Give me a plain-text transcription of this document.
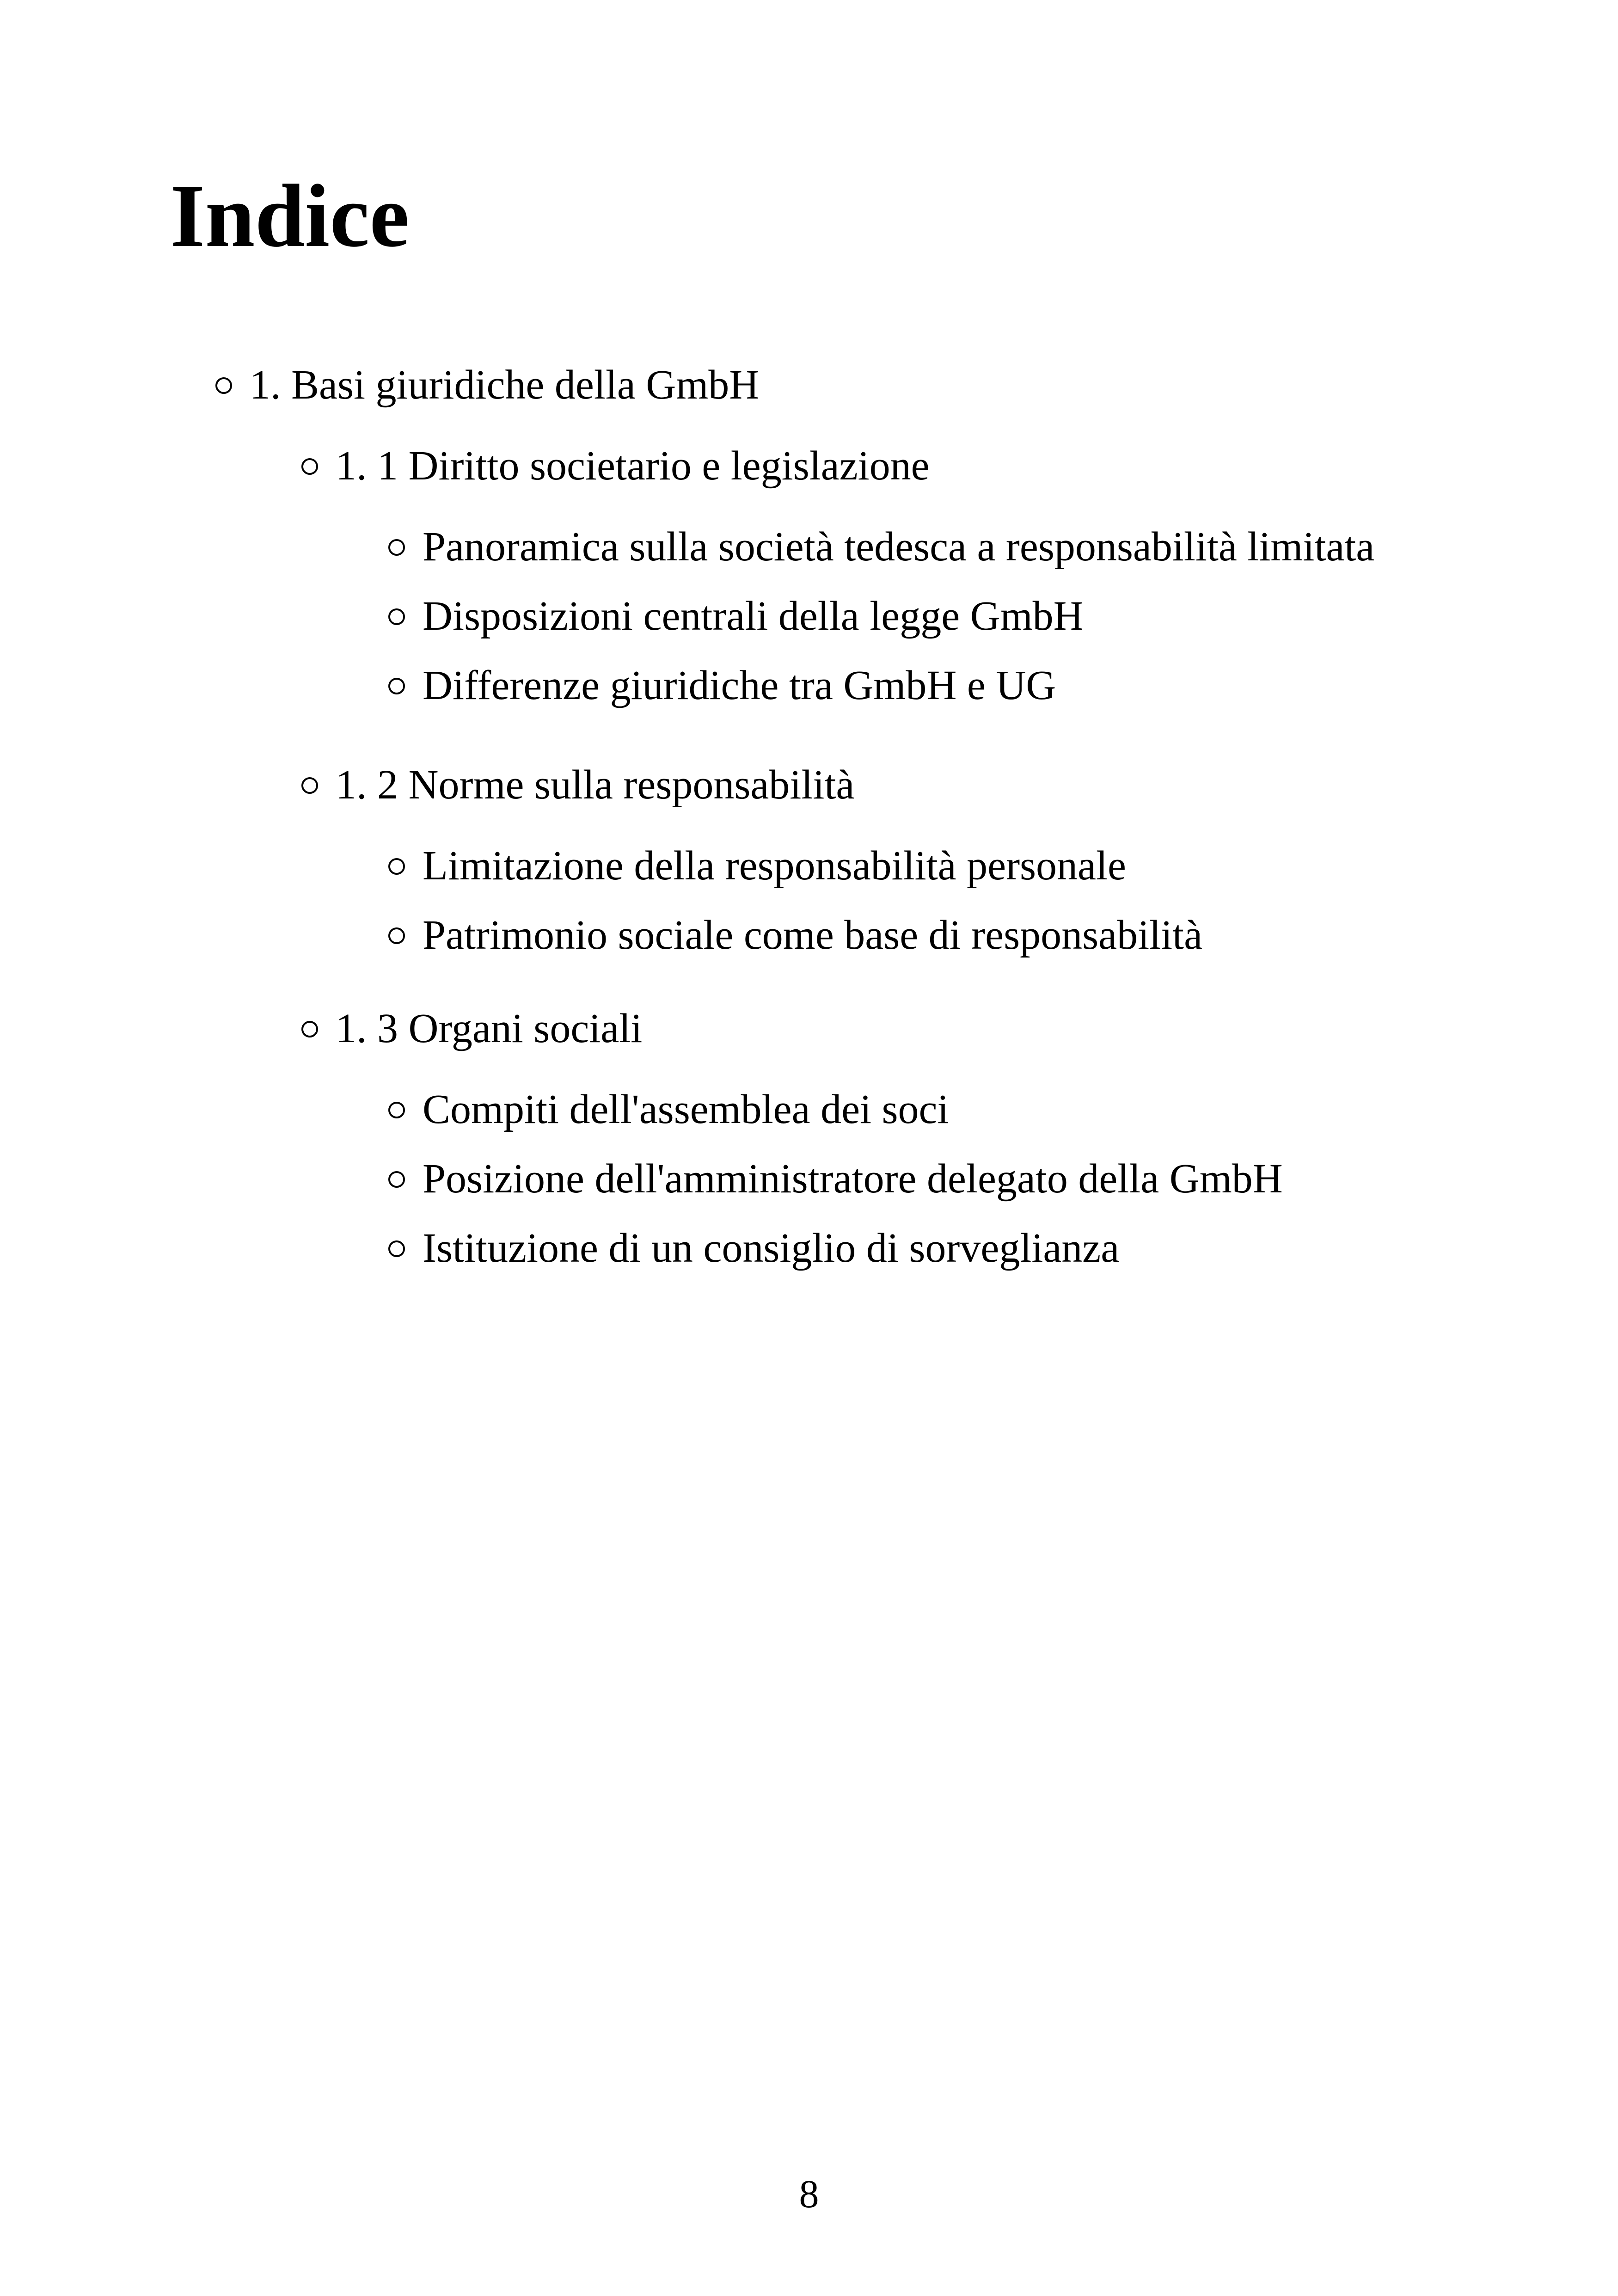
Indice
1. Basi giuridiche della GmbH
1. 1 Diritto societario e legislazione
Panoramica sulla società tedesca a responsabilità limitata
Disposizioni centrali della legge GmbH
Differenze giuridiche tra GmbH e UG
1. 2 Norme sulla responsabilità
Limitazione della responsabilità personale
Patrimonio sociale come base di responsabilità
1. 3 Organi sociali
Compiti dell'assemblea dei soci
Posizione dell'amministratore delegato della GmbH
Istituzione di un consiglio di sorveglianza
8
